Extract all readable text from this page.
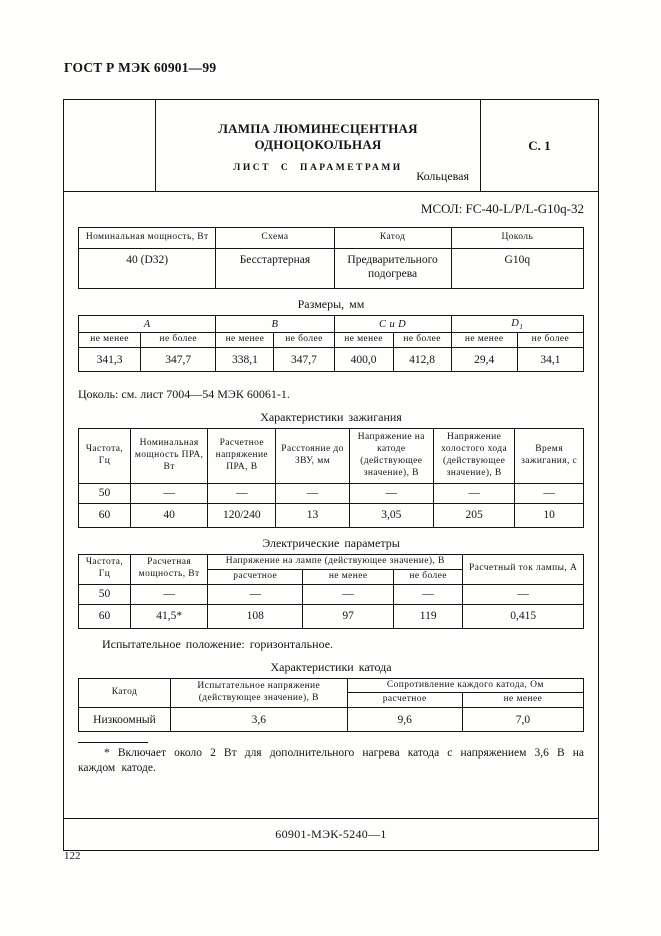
ГОСТ Р МЭК 60901—99
ЛАМПА ЛЮМИНЕСЦЕНТНАЯ ОДНОЦОКОЛЬНАЯ
ЛИСТ С ПАРАМЕТРАМИ
Кольцевая
С. 1
МСОЛ: FC-40-L/P/L-G10q-32
Номинальная мощность, Вт	Схема	Катод	Цоколь
40 (D32)	Бесстартерная	Предварительного подогрева	G10q
Размеры, мм
A		B		C и D		$D_1$
не менее	не более	не менее	не более	не менее	не более	не менее	не более
341,3	347,7	338,1	347,7	400,0	412,8	29,4	34,1
Цоколь: см. лист 7004—54 МЭК 60061-1.
Характеристики зажигания
Частота, Гц	Номинальная мощность ПРА, Вт	Расчетное напряжение ПРА, В	Расстояние до ЗВУ, мм	Напряжение на катоде (действующее значение), В	Напряжение холостого хода (действующее значение), В	Время зажигания, с
50	—	—	—	—	—	—
60	40	120/240	13	3,05	205	10
Электрические параметры
Частота, Гц	Расчетная мощность, Вт	Напряжение на лампе (действующее значение), В			Расчетный ток лампы, А
		расчетное	не менее	не более	
50	—	—	—	—	—
60	41,5*	108	97	119	0,415
Испытательное положение: горизонтальное.
Характеристики катода
Катод	Испытательное напряжение (действующее значение), В	Сопротивление каждого катода, Ом	
		расчетное	не менее
Низкоомный	3,6	9,6	7,0
* Включает около 2 Вт для дополнительного нагрева катода с напряжением 3,6 В на каждом катоде.
60901-МЭК-5240—1
122
